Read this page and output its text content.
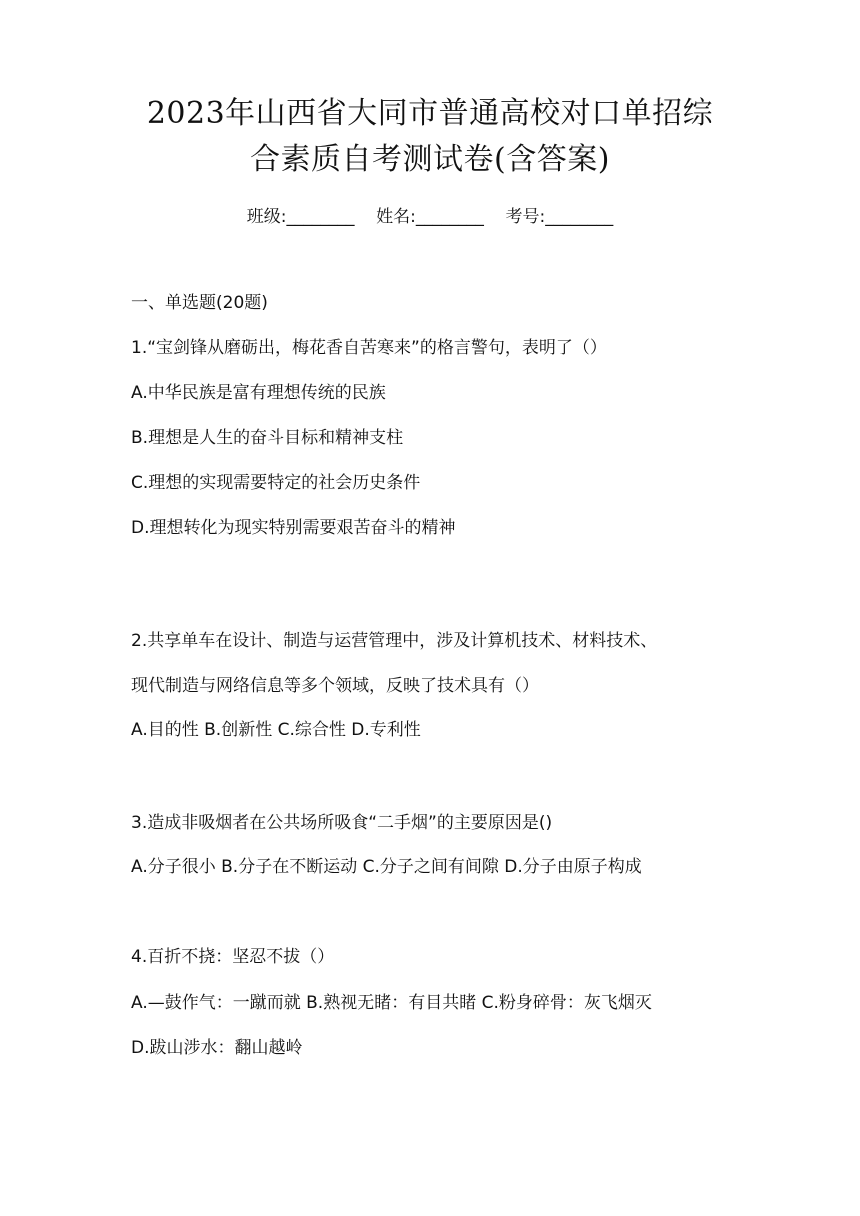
2023年山西省大同市普通高校对口单招综
合素质自考测试卷(含答案)
班级:________ 姓名:________ 考号:________
一、单选题(20题)
1.“宝剑锋从磨砺出，梅花香自苦寒来”的格言警句，表明了（）
A.中华民族是富有理想传统的民族
B.理想是人生的奋斗目标和精神支柱
C.理想的实现需要特定的社会历史条件
D.理想转化为现实特别需要艰苦奋斗的精神
2.共享单车在设计、制造与运营管理中，涉及计算机技术、材料技术、
现代制造与网络信息等多个领域，反映了技术具有（）
A.目的性 B.创新性 C.综合性 D.专利性
3.造成非吸烟者在公共场所吸食“二手烟”的主要原因是()
A.分子很小 B.分子在不断运动 C.分子之间有间隙 D.分子由原子构成
4.百折不挠：坚忍不拔（）
A.—鼓作气：一蹴而就 B.熟视无睹：有目共睹 C.粉身碎骨：灰飞烟灭
D.跋山涉水：翻山越岭
